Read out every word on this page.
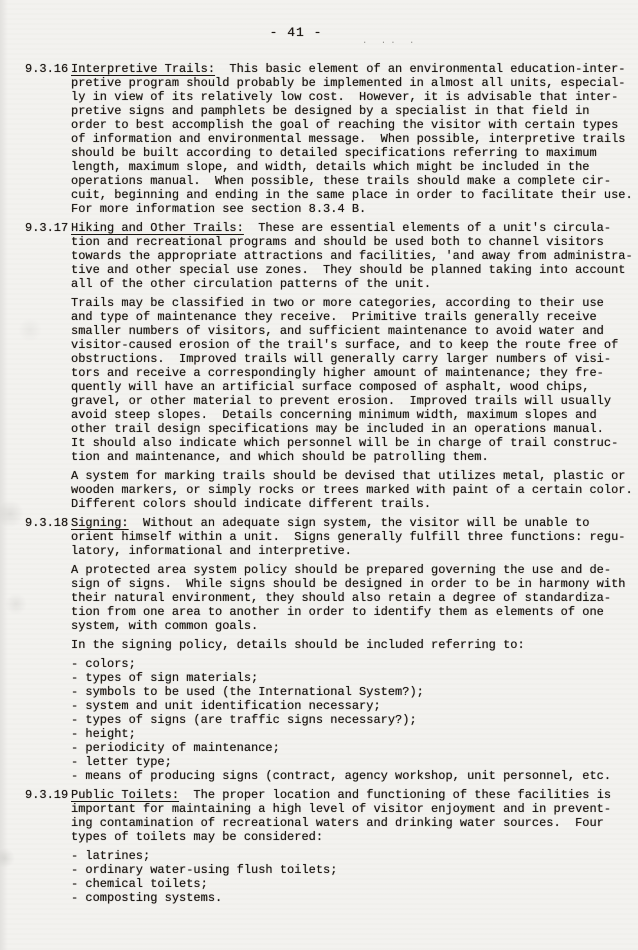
- 41 -
· ·· ·
9.3.16 Interpretive Trails:  This basic element of an environmental education-inter-
pretive program should probably be implemented in almost all units, especial-
ly in view of its relatively low cost.  However, it is advisable that inter-
pretive signs and pamphlets be designed by a specialist in that field in
order to best accomplish the goal of reaching the visitor with certain types
of information and environmental message.  When possible, interpretive trails
should be built according to detailed specifications referring to maximum
length, maximum slope, and width, details which might be included in the
operations manual.  When possible, these trails should make a complete cir-
cuit, beginning and ending in the same place in order to facilitate their use.
For more information see section 8.3.4 B.
9.3.17 Hiking and Other Trails:  These are essential elements of a unit's circula-
tion and recreational programs and should be used both to channel visitors
towards the appropriate attractions and facilities, 'and away from administra-
tive and other special use zones.  They should be planned taking into account
all of the other circulation patterns of the unit.
Trails may be classified in two or more categories, according to their use
and type of maintenance they receive.  Primitive trails generally receive
smaller numbers of visitors, and sufficient maintenance to avoid water and
visitor-caused erosion of the trail's surface, and to keep the route free of
obstructions.  Improved trails will generally carry larger numbers of visi-
tors and receive a correspondingly higher amount of maintenance; they fre-
quently will have an artificial surface composed of asphalt, wood chips,
gravel, or other material to prevent erosion.  Improved trails will usually
avoid steep slopes.  Details concerning minimum width, maximum slopes and
other trail design specifications may be included in an operations manual.
It should also indicate which personnel will be in charge of trail construc-
tion and maintenance, and which should be patrolling them.
A system for marking trails should be devised that utilizes metal, plastic or
wooden markers, or simply rocks or trees marked with paint of a certain color.
Different colors should indicate different trails.
9.3.18 Signing:  Without an adequate sign system, the visitor will be unable to
orient himself within a unit.  Signs generally fulfill three functions: regu-
latory, informational and interpretive.
A protected area system policy should be prepared governing the use and de-
sign of signs.  While signs should be designed in order to be in harmony with
their natural environment, they should also retain a degree of standardiza-
tion from one area to another in order to identify them as elements of one
system, with common goals.
In the signing policy, details should be included referring to:
- colors;
- types of sign materials;
- symbols to be used (the International System?);
- system and unit identification necessary;
- types of signs (are traffic signs necessary?);
- height;
- periodicity of maintenance;
- letter type;
- means of producing signs (contract, agency workshop, unit personnel, etc.
9.3.19 Public Toilets:  The proper location and functioning of these facilities is
important for maintaining a high level of visitor enjoyment and in prevent-
ing contamination of recreational waters and drinking water sources.  Four
types of toilets may be considered:
- latrines;
- ordinary water-using flush toilets;
- chemical toilets;
- composting systems.
